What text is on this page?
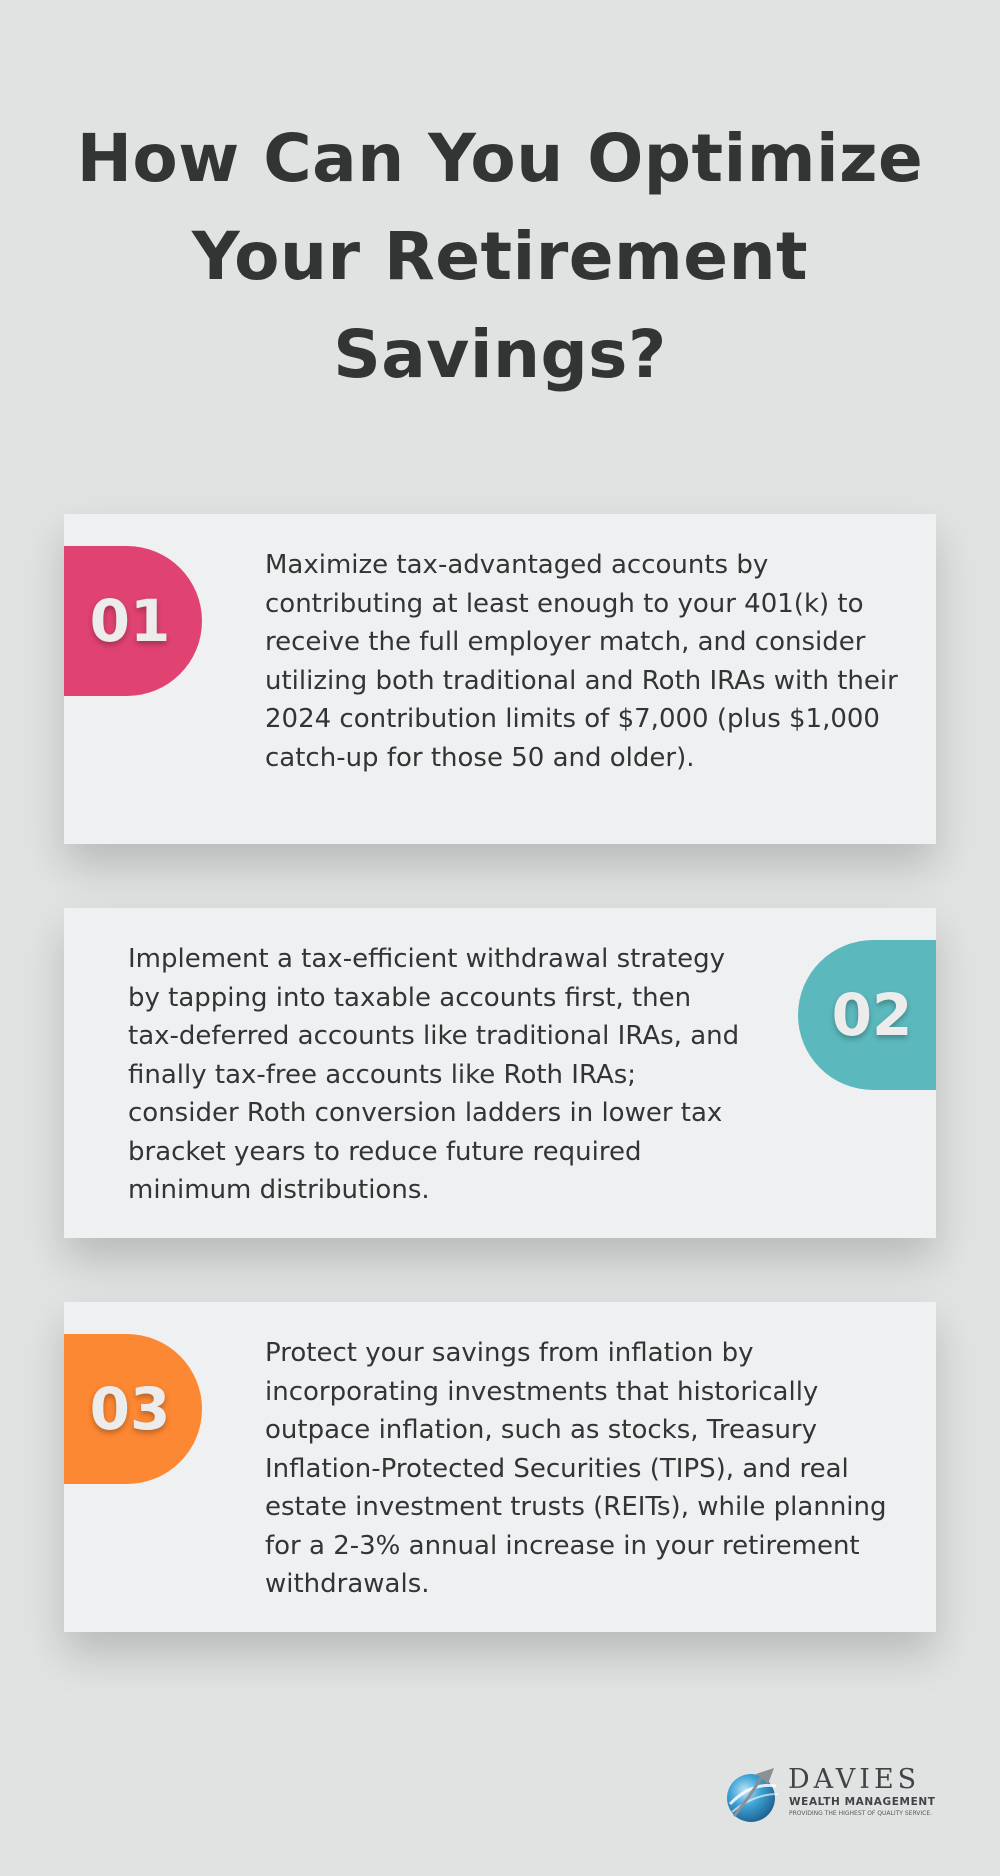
How Can You Optimize
Your Retirement
Savings?
01

Maximize tax-advantaged accounts by contributing at least enough to your 401(k) to receive the full employer match, and consider utilizing both traditional and Roth IRAs with their 2024 contribution limits of $7,000 (plus $1,000 catch-up for those 50 and older).

Implement a tax-efficient withdrawal strategy by tapping into taxable accounts first, then tax-deferred accounts like traditional IRAs, and finally tax-free accounts like Roth IRAs; consider Roth conversion ladders in lower tax bracket years to reduce future required minimum distributions.

02
03

Protect your savings from inflation by incorporating investments that historically outpace inflation, such as stocks, Treasury Inflation-Protected Securities (TIPS), and real estate investment trusts (REITs), while planning for a 2-3% annual increase in your retirement withdrawals.

DAVIES
WEALTH MANAGEMENT
PROVIDING THE HIGHEST OF QUALITY SERVICE.
